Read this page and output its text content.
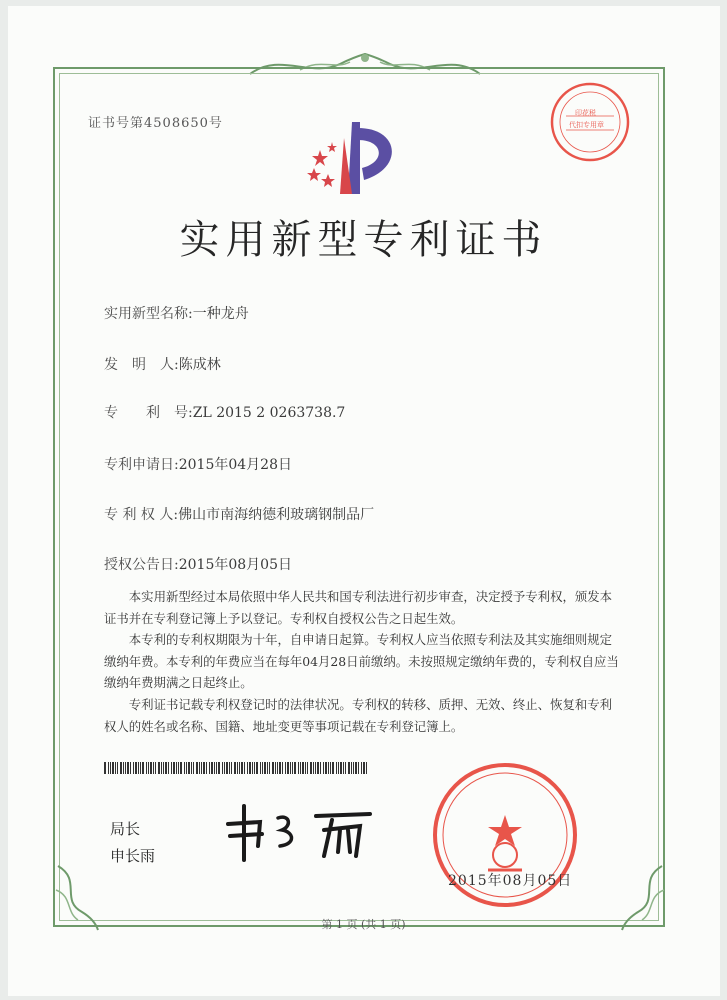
证书号第4508650号
印花税
代扣专用章
实用新型专利证书
实用新型名称:一种龙舟
发　明　人:陈成林
专　　利　号:ZL 2015 2 0263738.7
专利申请日:2015年04月28日
专 利 权 人:佛山市南海纳德利玻璃钢制品厂
授权公告日:2015年08月05日

本实用新型经过本局依照中华人民共和国专利法进行初步审查，决定授予专利权，颁发本证书并在专利登记簿上予以登记。专利权自授权公告之日起生效。

本专利的专利权期限为十年，自申请日起算。专利权人应当依照专利法及其实施细则规定缴纳年费。本专利的年费应当在每年04月28日前缴纳。未按照规定缴纳年费的，专利权自应当缴纳年费期满之日起终止。

专利证书记载专利权登记时的法律状况。专利权的转移、质押、无效、终止、恢复和专利权人的姓名或名称、国籍、地址变更等事项记载在专利登记簿上。

局长
申长雨
2015年08月05日
第 1 页 (共 1 页)
